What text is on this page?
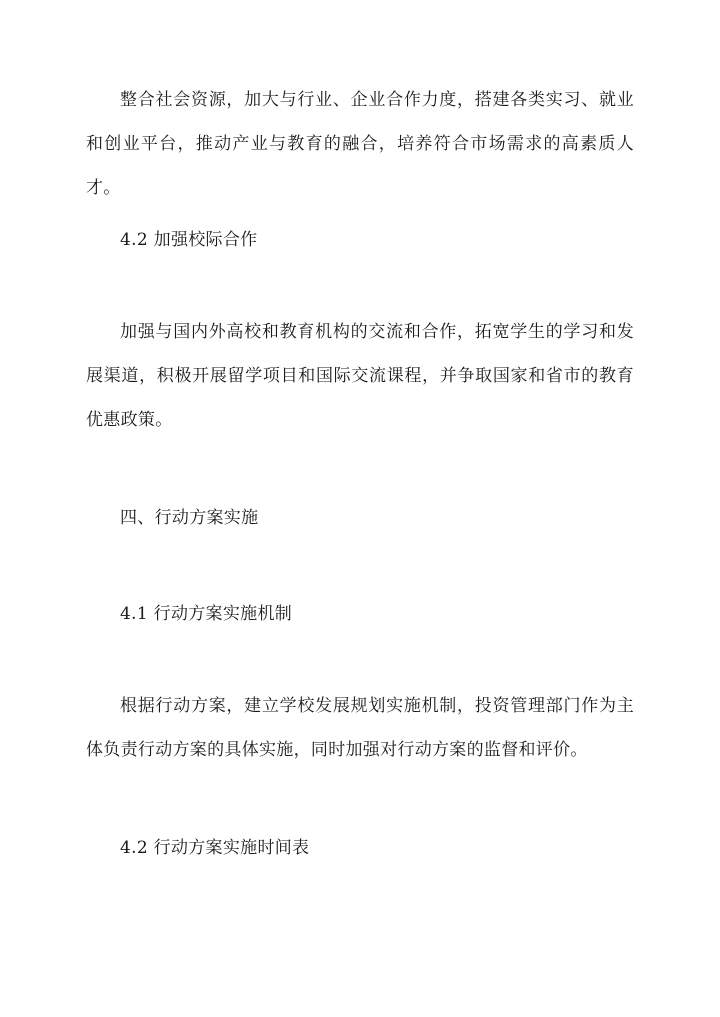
整合社会资源，加大与行业、企业合作力度，搭建各类实习、就业和创业平台，推动产业与教育的融合，培养符合市场需求的高素质人才。

4.2 加强校际合作

加强与国内外高校和教育机构的交流和合作，拓宽学生的学习和发展渠道，积极开展留学项目和国际交流课程，并争取国家和省市的教育优惠政策。

四、行动方案实施

4.1 行动方案实施机制

根据行动方案，建立学校发展规划实施机制，投资管理部门作为主体负责行动方案的具体实施，同时加强对行动方案的监督和评价。

4.2 行动方案实施时间表
